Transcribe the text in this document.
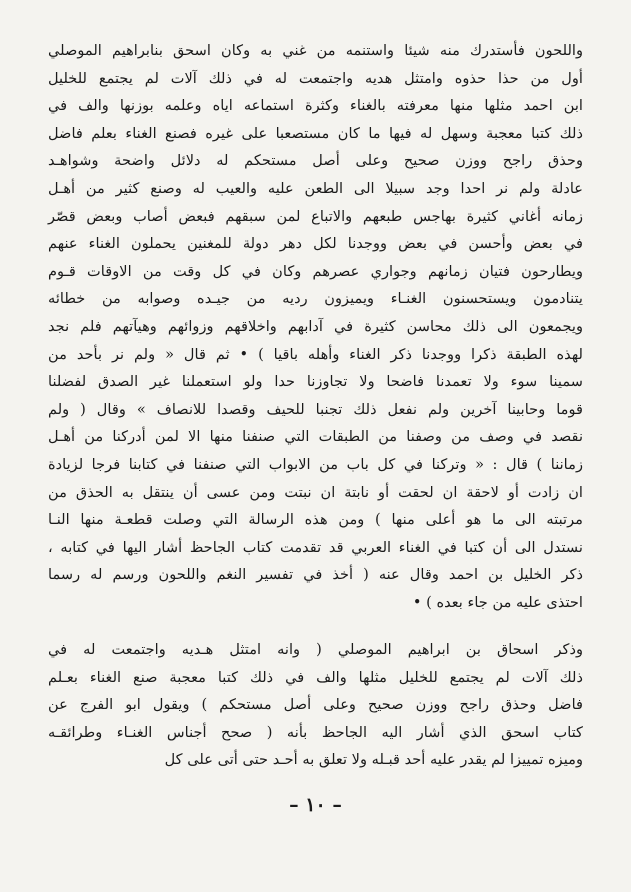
واللحون فأستدرك منه شيئا واستنمه من غني به وكان اسحق بنابراهيم الموصلي
أول من حذا حذوه وامتثل هديه واجتمعت له في ذلك آلات لم يجتمع للخليل
ابن احمد مثلها منها معرفته بالغناء وكثرة استماعه اياه وعلمه بوزنها والف في
ذلك كتبا معجبة وسهل له فيها ما كان مستصعبا على غيره فصنع الغناء بعلم فاضل
وحذق راجح ووزن صحيح وعلى أصل مستحكم له دلائل واضحة وشواهـد
عادلة ولم نر احدا وجد سبيلا الى الطعن عليه والعيب له وصنع كثير من أهـل
زمانه أغاني كثيرة بهاجس طبعهم والاتباع لمن سبقهم فبعض أصاب وبعض قصّر
في بعض وأحسن في بعض ووجدنا لكل دهر دولة للمغنين يحملون الغناء عنهم
ويطارحون فتيان زمانهم وجواري عصرهم وكان في كل وقت من الاوقات قـوم
يتنادمون ويستحسنون الغنـاء ويميزون رديه من جيـده وصوابه من خطائه
ويجمعون الى ذلك محاسن كثيرة في آدابهم واخلاقهم وزوائهم وهيآتهم فلم نجد
لهذه الطبقة ذكرا ووجدنا ذكر الغناء وأهله باقيا ) • ثم قال « ولم نر بأحد من
سمينا سوء ولا تعمدنا فاضحا ولا تجاوزنا حدا ولو استعملنا غير الصدق لفضلنا
قوما وحابينا آخرين ولم نفعل ذلك تجنبا للحيف وقصدا للانصاف » وقال ( ولم
نقصد في وصف من وصفنا من الطبقات التي صنفنا منها الا لمن أدركنا من أهـل
زماننا ) قال : « وتركنا في كل باب من الابواب التي صنفنا في كتابنا فرجا لزيادة
ان زادت أو لاحقة ان لحقت أو نابتة ان نبتت ومن عسى أن ينتقل به الحذق من
مرتبته الى ما هو أعلى منها ) ومن هذه الرسالة التي وصلت قطعـة منها النـا
نستدل الى أن كتبا في الغناء العربي قد تقدمت كتاب الجاحظ أشار اليها في كتابه ،
ذكر الخليل بن احمد وقال عنه ( أخذ في تفسير النغم واللحون ورسم له رسما
احتذى عليه من جاء بعده ) •
وذكر اسحاق بن ابراهيم الموصلي ( وانه امتثل هـديه واجتمعت له في
ذلك آلات لم يجتمع للخليل مثلها والف في ذلك كتبا معجبة صنع الغناء بعـلم
فاضل وحذق راجح ووزن صحيح وعلى أصل مستحكم ) ويقول ابو الفرج عن
كتاب اسحق الذي أشار اليه الجاحظ بأنه ( صحح أجناس الغنـاء وطرائقـه
وميزه تمييزا لم يقدر عليه أحد قبـله ولا تعلق به أحـد حتى أتى على كل
– ١٠ –
